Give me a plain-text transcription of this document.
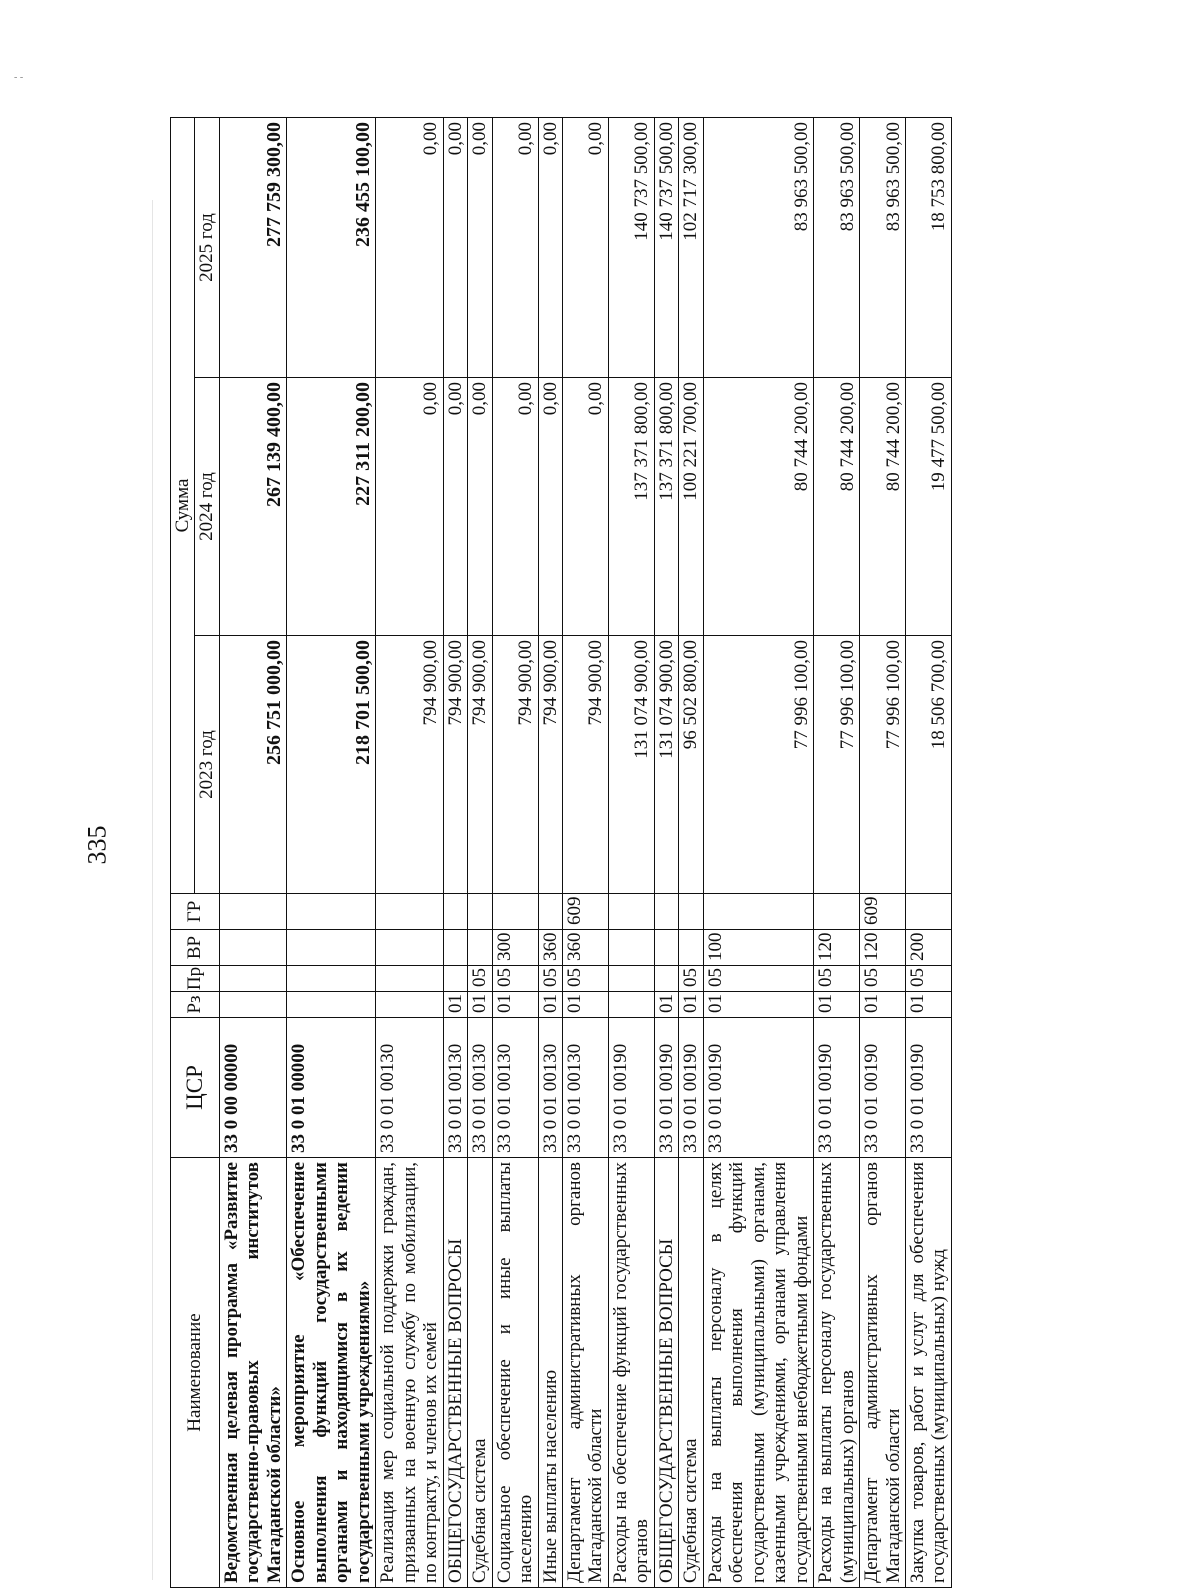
‐ ‑
335
Наименование	ЦСР	Рз	Пр	ВР	ГР	Сумма		
						2023 год	2024 год	2025 год
Ведомственная целевая программа «Развитие государственно-правовых институтов Магаданской области»	33 0 00 00000					256 751 000,00	267 139 400,00	277 759 300,00
Основное мероприятие «Обеспечение выполнения функций государственными органами и находящимися в их ведении государственными учреждениями»	33 0 01 00000					218 701 500,00	227 311 200,00	236 455 100,00
Реализация мер социальной поддержки граждан, призванных на военную службу по мобилизации, по контракту, и членов их семей	33 0 01 00130					794 900,00	0,00	0,00
ОБЩЕГОСУДАРСТВЕННЫЕ ВОПРОСЫ	33 0 01 00130	01				794 900,00	0,00	0,00
Судебная система	33 0 01 00130	01	05			794 900,00	0,00	0,00
Социальное обеспечение и иные выплаты населению	33 0 01 00130	01	05	300		794 900,00	0,00	0,00
Иные выплаты населению	33 0 01 00130	01	05	360		794 900,00	0,00	0,00
Департамент административных органов Магаданской области	33 0 01 00130	01	05	360	609	794 900,00	0,00	0,00
Расходы на обеспечение функций государственных органов	33 0 01 00190					131 074 900,00	137 371 800,00	140 737 500,00
ОБЩЕГОСУДАРСТВЕННЫЕ ВОПРОСЫ	33 0 01 00190	01				131 074 900,00	137 371 800,00	140 737 500,00
Судебная система	33 0 01 00190	01	05			96 502 800,00	100 221 700,00	102 717 300,00
Расходы на выплаты персоналу в целях обеспечения выполнения функций государственными (муниципальными) органами, казенными учреждениями, органами управления государственными внебюджетными фондами	33 0 01 00190	01	05	100		77 996 100,00	80 744 200,00	83 963 500,00
Расходы на выплаты персоналу государственных (муниципальных) органов	33 0 01 00190	01	05	120		77 996 100,00	80 744 200,00	83 963 500,00
Департамент административных органов Магаданской области	33 0 01 00190	01	05	120	609	77 996 100,00	80 744 200,00	83 963 500,00
Закупка товаров, работ и услуг для обеспечения государственных (муниципальных) нужд	33 0 01 00190	01	05	200		18 506 700,00	19 477 500,00	18 753 800,00
